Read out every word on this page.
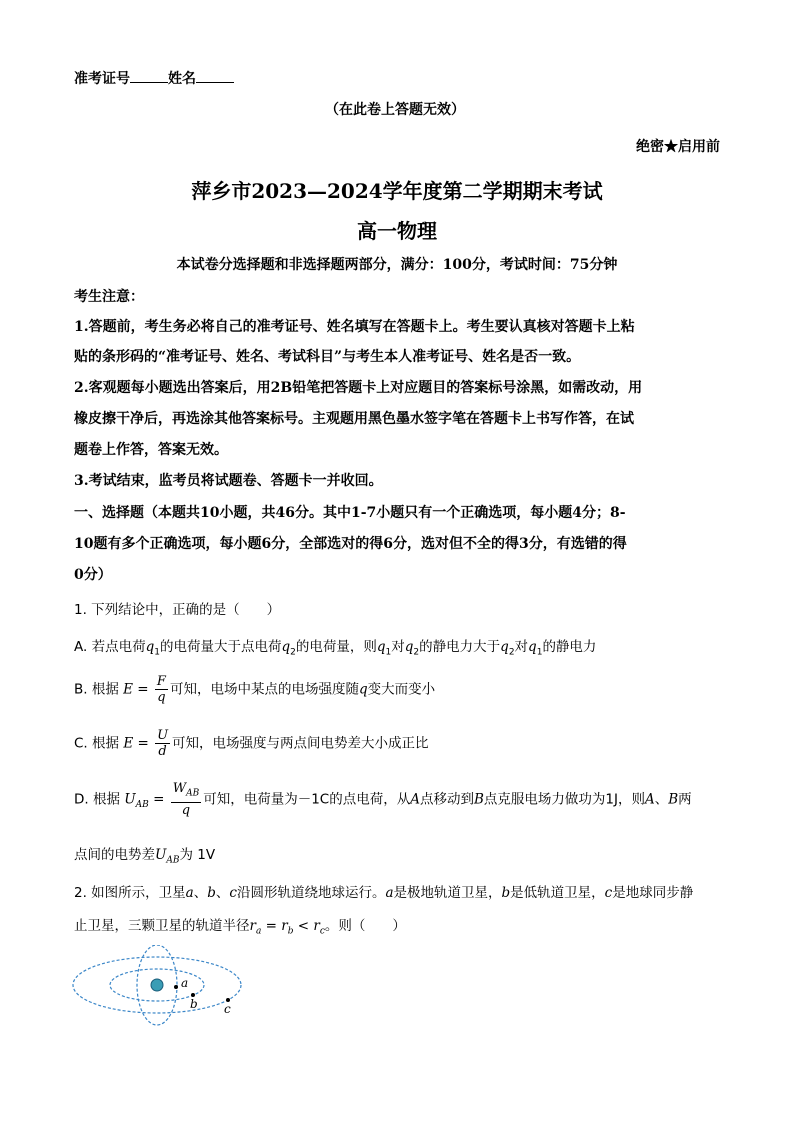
准考证号	姓名
（在此卷上答题无效）
绝密★启用前
萍乡市2023—2024学年度第二学期期末考试
高一物理
本试卷分选择题和非选择题两部分，满分：100分，考试时间：75分钟
考生注意：
1.答题前，考生务必将自己的准考证号、姓名填写在答题卡上。考生要认真核对答题卡上粘
贴的条形码的“准考证号、姓名、考试科目”与考生本人准考证号、姓名是否一致。
2.客观题每小题选出答案后，用2B铅笔把答题卡上对应题目的答案标号涂黑，如需改动，用
橡皮擦干净后，再选涂其他答案标号。主观题用黑色墨水签字笔在答题卡上书写作答，在试
题卷上作答，答案无效。
3.考试结束，监考员将试题卷、答题卡一并收回。
一、选择题（本题共10小题，共46分。其中1-7小题只有一个正确选项，每小题4分；8-
10题有多个正确选项，每小题6分，全部选对的得6分，选对但不全的得3分，有选错的得
0分）
1. 下列结论中，正确的是（　　）
A. 若点电荷$q_1$的电荷量大于点电荷$q_2$的电荷量，则$q_1$对$q_2$的静电力大于$q_2$对$q_1$的静电力
B. 根据 $E = \frac{F}{q}$ 可知，电场中某点的电场强度随q变大而变小
C. 根据 $E = \frac{U}{d}$ 可知，电场强度与两点间电势差大小成正比
D. 根据 $U_{AB} = \frac{W_{AB}}{q}$ 可知，电荷量为－1C的点电荷，从A点移动到B点克服电场力做功为1J，则A、B两
点间的电势差$U_{AB}$为 1V
2. 如图所示，卫星a、b、c沿圆形轨道绕地球运行。a是极地轨道卫星，b是低轨道卫星，c是地球同步静
止卫星，三颗卫星的轨道半径$r_a = r_b < r_c$。则（　　）
a
b c
